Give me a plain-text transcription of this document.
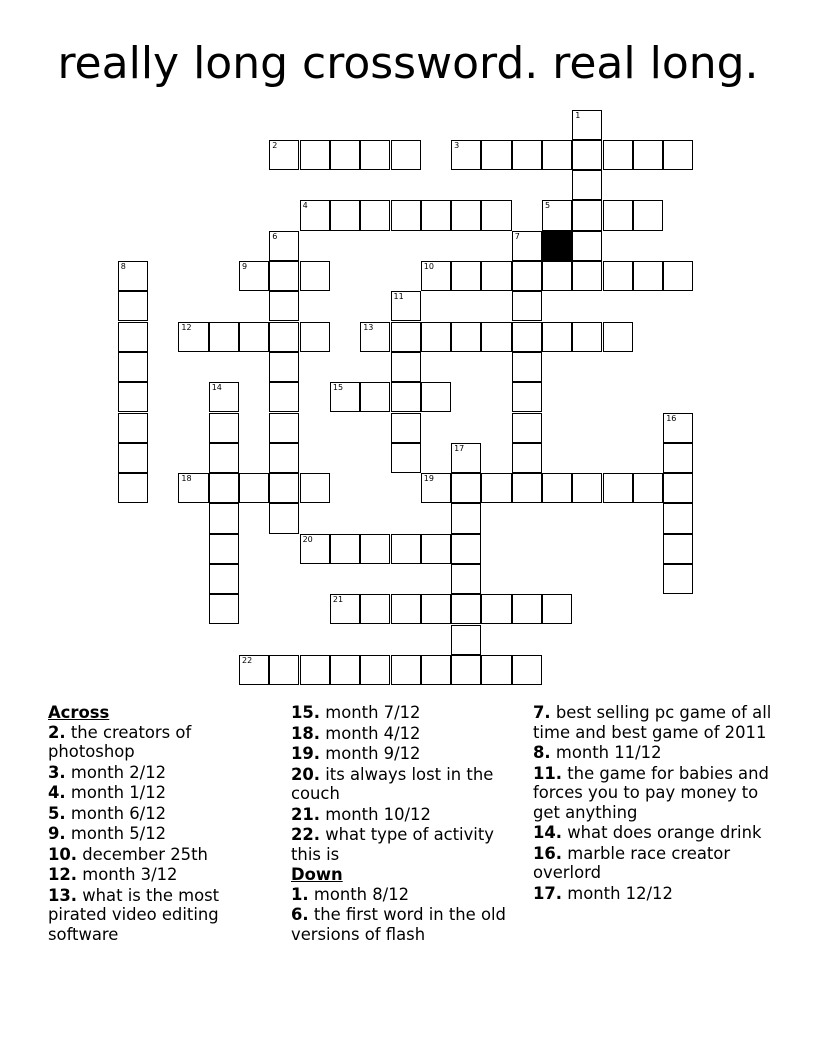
really long crossword. real long.
1
2	3
4	5
6	7
8	9	10
11
12	13
14	15
16
17
18	19
20
21
22
Across
2. the creators of photoshop
3. month 2/12
4. month 1/12
5. month 6/12
9. month 5/12
10. december 25th
12. month 3/12
13. what is the most pirated video editing software
15. month 7/12
18. month 4/12
19. month 9/12
20. its always lost in the couch
21. month 10/12
22. what type of activity this is
Down
1. month 8/12
6. the first word in the old versions of flash
7. best selling pc game of all time and best game of 2011
8. month 11/12
11. the game for babies and forces you to pay money to get anything
14. what does orange drink
16. marble race creator overlord
17. month 12/12
